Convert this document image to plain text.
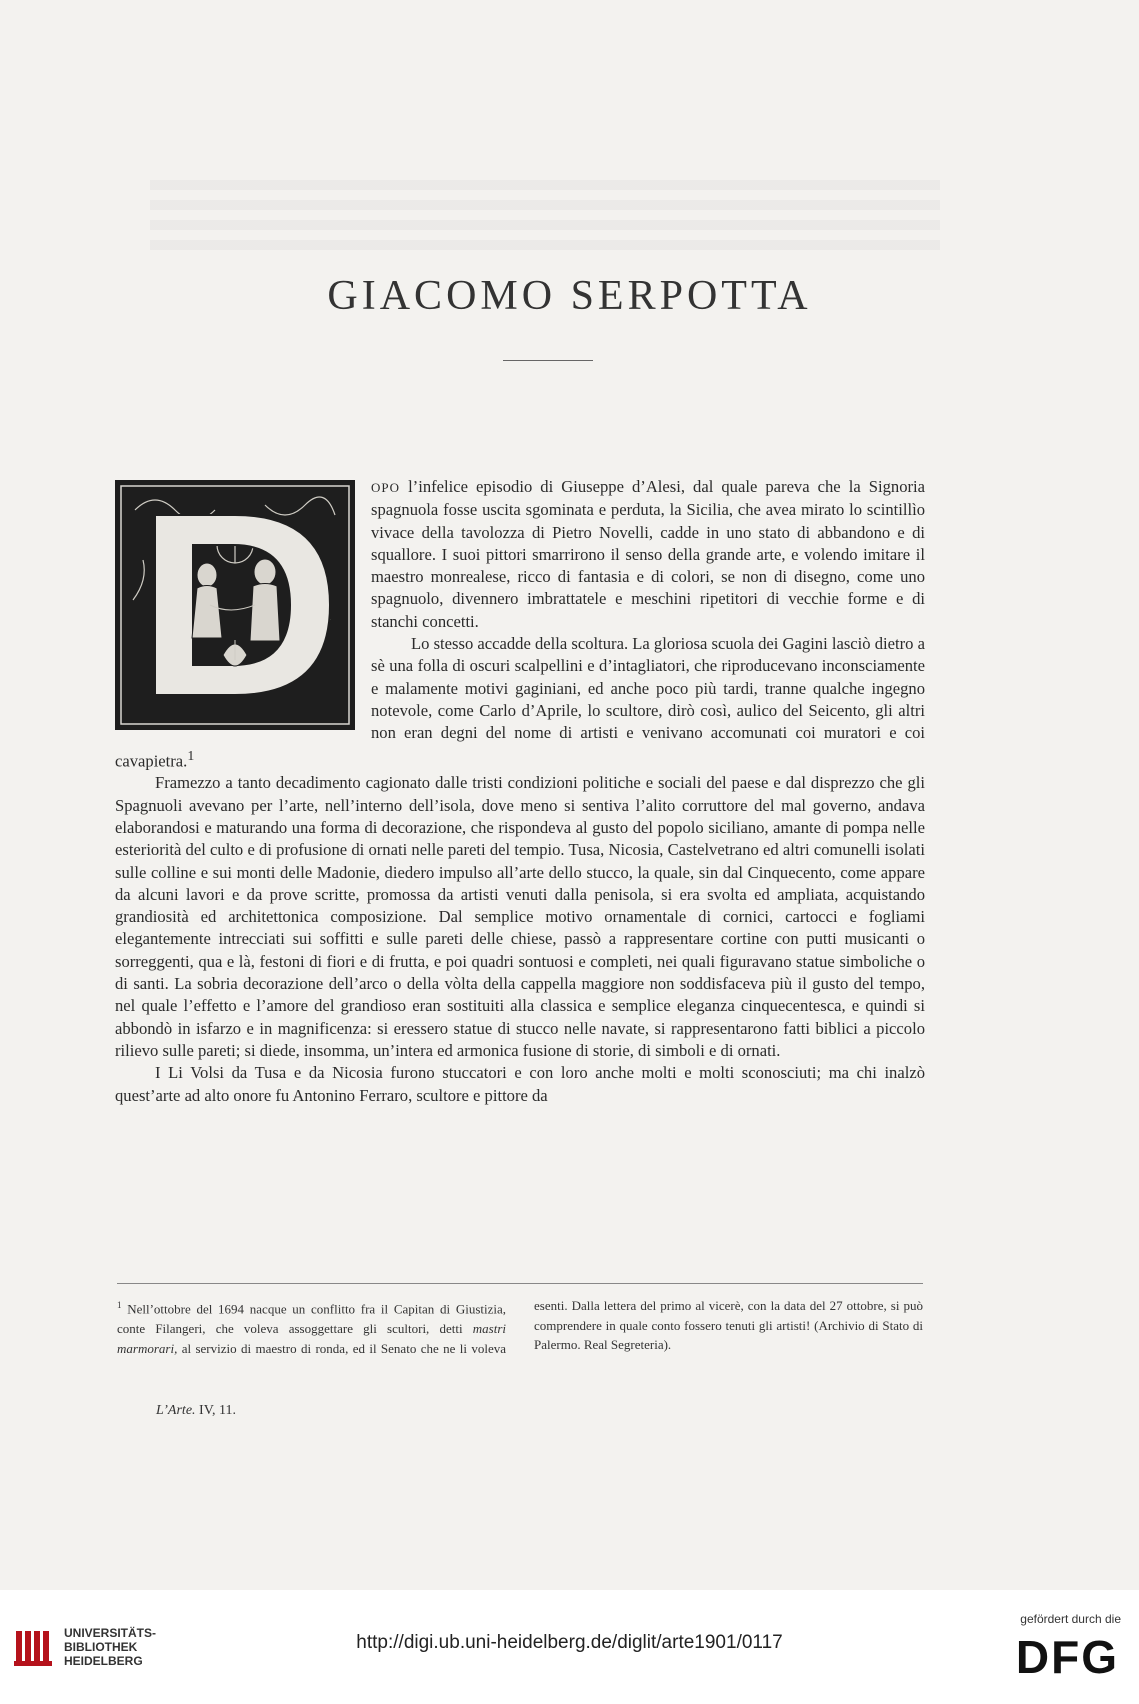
GIACOMO SERPOTTA

OPO l’infelice episodio di Giuseppe d’Alesi, dal quale pareva che la Signoria spagnuola fosse uscita sgominata e perduta, la Sicilia, che avea mirato lo scintillìo vivace della tavolozza di Pietro Novelli, cadde in uno stato di abbandono e di squallore. I suoi pittori smarrirono il senso della grande arte, e volendo imitare il maestro monrealese, ricco di fantasia e di colori, se non di disegno, come uno spagnuolo, divennero imbrattatele e meschini ripetitori di vecchie forme e di stanchi concetti.

Lo stesso accadde della scoltura. La gloriosa scuola dei Gagini lasciò dietro a sè una folla di oscuri scalpellini e d’intagliatori, che riproducevano inconsciamente e malamente motivi gaginiani, ed anche poco più tardi, tranne qualche ingegno notevole, come Carlo d’Aprile, lo scultore, dirò così, aulico del Seicento, gli altri non eran degni del nome di artisti e venivano accomunati coi muratori e coi cavapietra.$^1$

Framezzo a tanto decadimento cagionato dalle tristi condizioni politiche e sociali del paese e dal disprezzo che gli Spagnuoli avevano per l’arte, nell’interno dell’isola, dove meno si sentiva l’alito corruttore del mal governo, andava elaborandosi e maturando una forma di decorazione, che rispondeva al gusto del popolo siciliano, amante di pompa nelle esteriorità del culto e di profusione di ornati nelle pareti del tempio. Tusa, Nicosia, Castelvetrano ed altri comunelli isolati sulle colline e sui monti delle Madonie, diedero impulso all’arte dello stucco, la quale, sin dal Cinquecento, come appare da alcuni lavori e da prove scritte, promossa da artisti venuti dalla penisola, si era svolta ed ampliata, acquistando grandiosità ed architettonica composizione. Dal semplice motivo ornamentale di cornici, cartocci e fogliami elegantemente intrecciati sui soffitti e sulle pareti delle chiese, passò a rappresentare cortine con putti musicanti o sorreggenti, qua e là, festoni di fiori e di frutta, e poi quadri sontuosi e completi, nei quali figuravano statue simboliche o di santi. La sobria decorazione dell’arco o della vòlta della cappella maggiore non soddisfaceva più il gusto del tempo, nel quale l’effetto e l’amore del grandioso eran sostituiti alla classica e semplice eleganza cinquecentesca, e quindi si abbondò in isfarzo e in magnificenza: si eressero statue di stucco nelle navate, si rappresentarono fatti biblici a piccolo rilievo sulle pareti; si diede, insomma, un’intera ed armonica fusione di storie, di simboli e di ornati.

I Li Volsi da Tusa e da Nicosia furono stuccatori e con loro anche molti e molti sconosciuti; ma chi inalzò quest’arte ad alto onore fu Antonino Ferraro, scultore e pittore da

$^1$ Nell’ottobre del 1694 nacque un conflitto fra il Capitan di Giustizia, conte Filangeri, che voleva assoggettare gli scultori, detti mastri marmorari, al servizio di maestro di ronda, ed il Senato che ne li voleva esenti. Dalla lettera del primo al vicerè, con la data del 27 ottobre, si può comprendere in quale conto fossero tenuti gli artisti! (Archivio di Stato di Palermo. Real Segreteria).
L’Arte. IV, 11.
UNIVERSITÄTS-
BIBLIOTHEK
HEIDELBERG
http://digi.ub.uni-heidelberg.de/diglit/arte1901/0117
gefördert durch die
DFG
